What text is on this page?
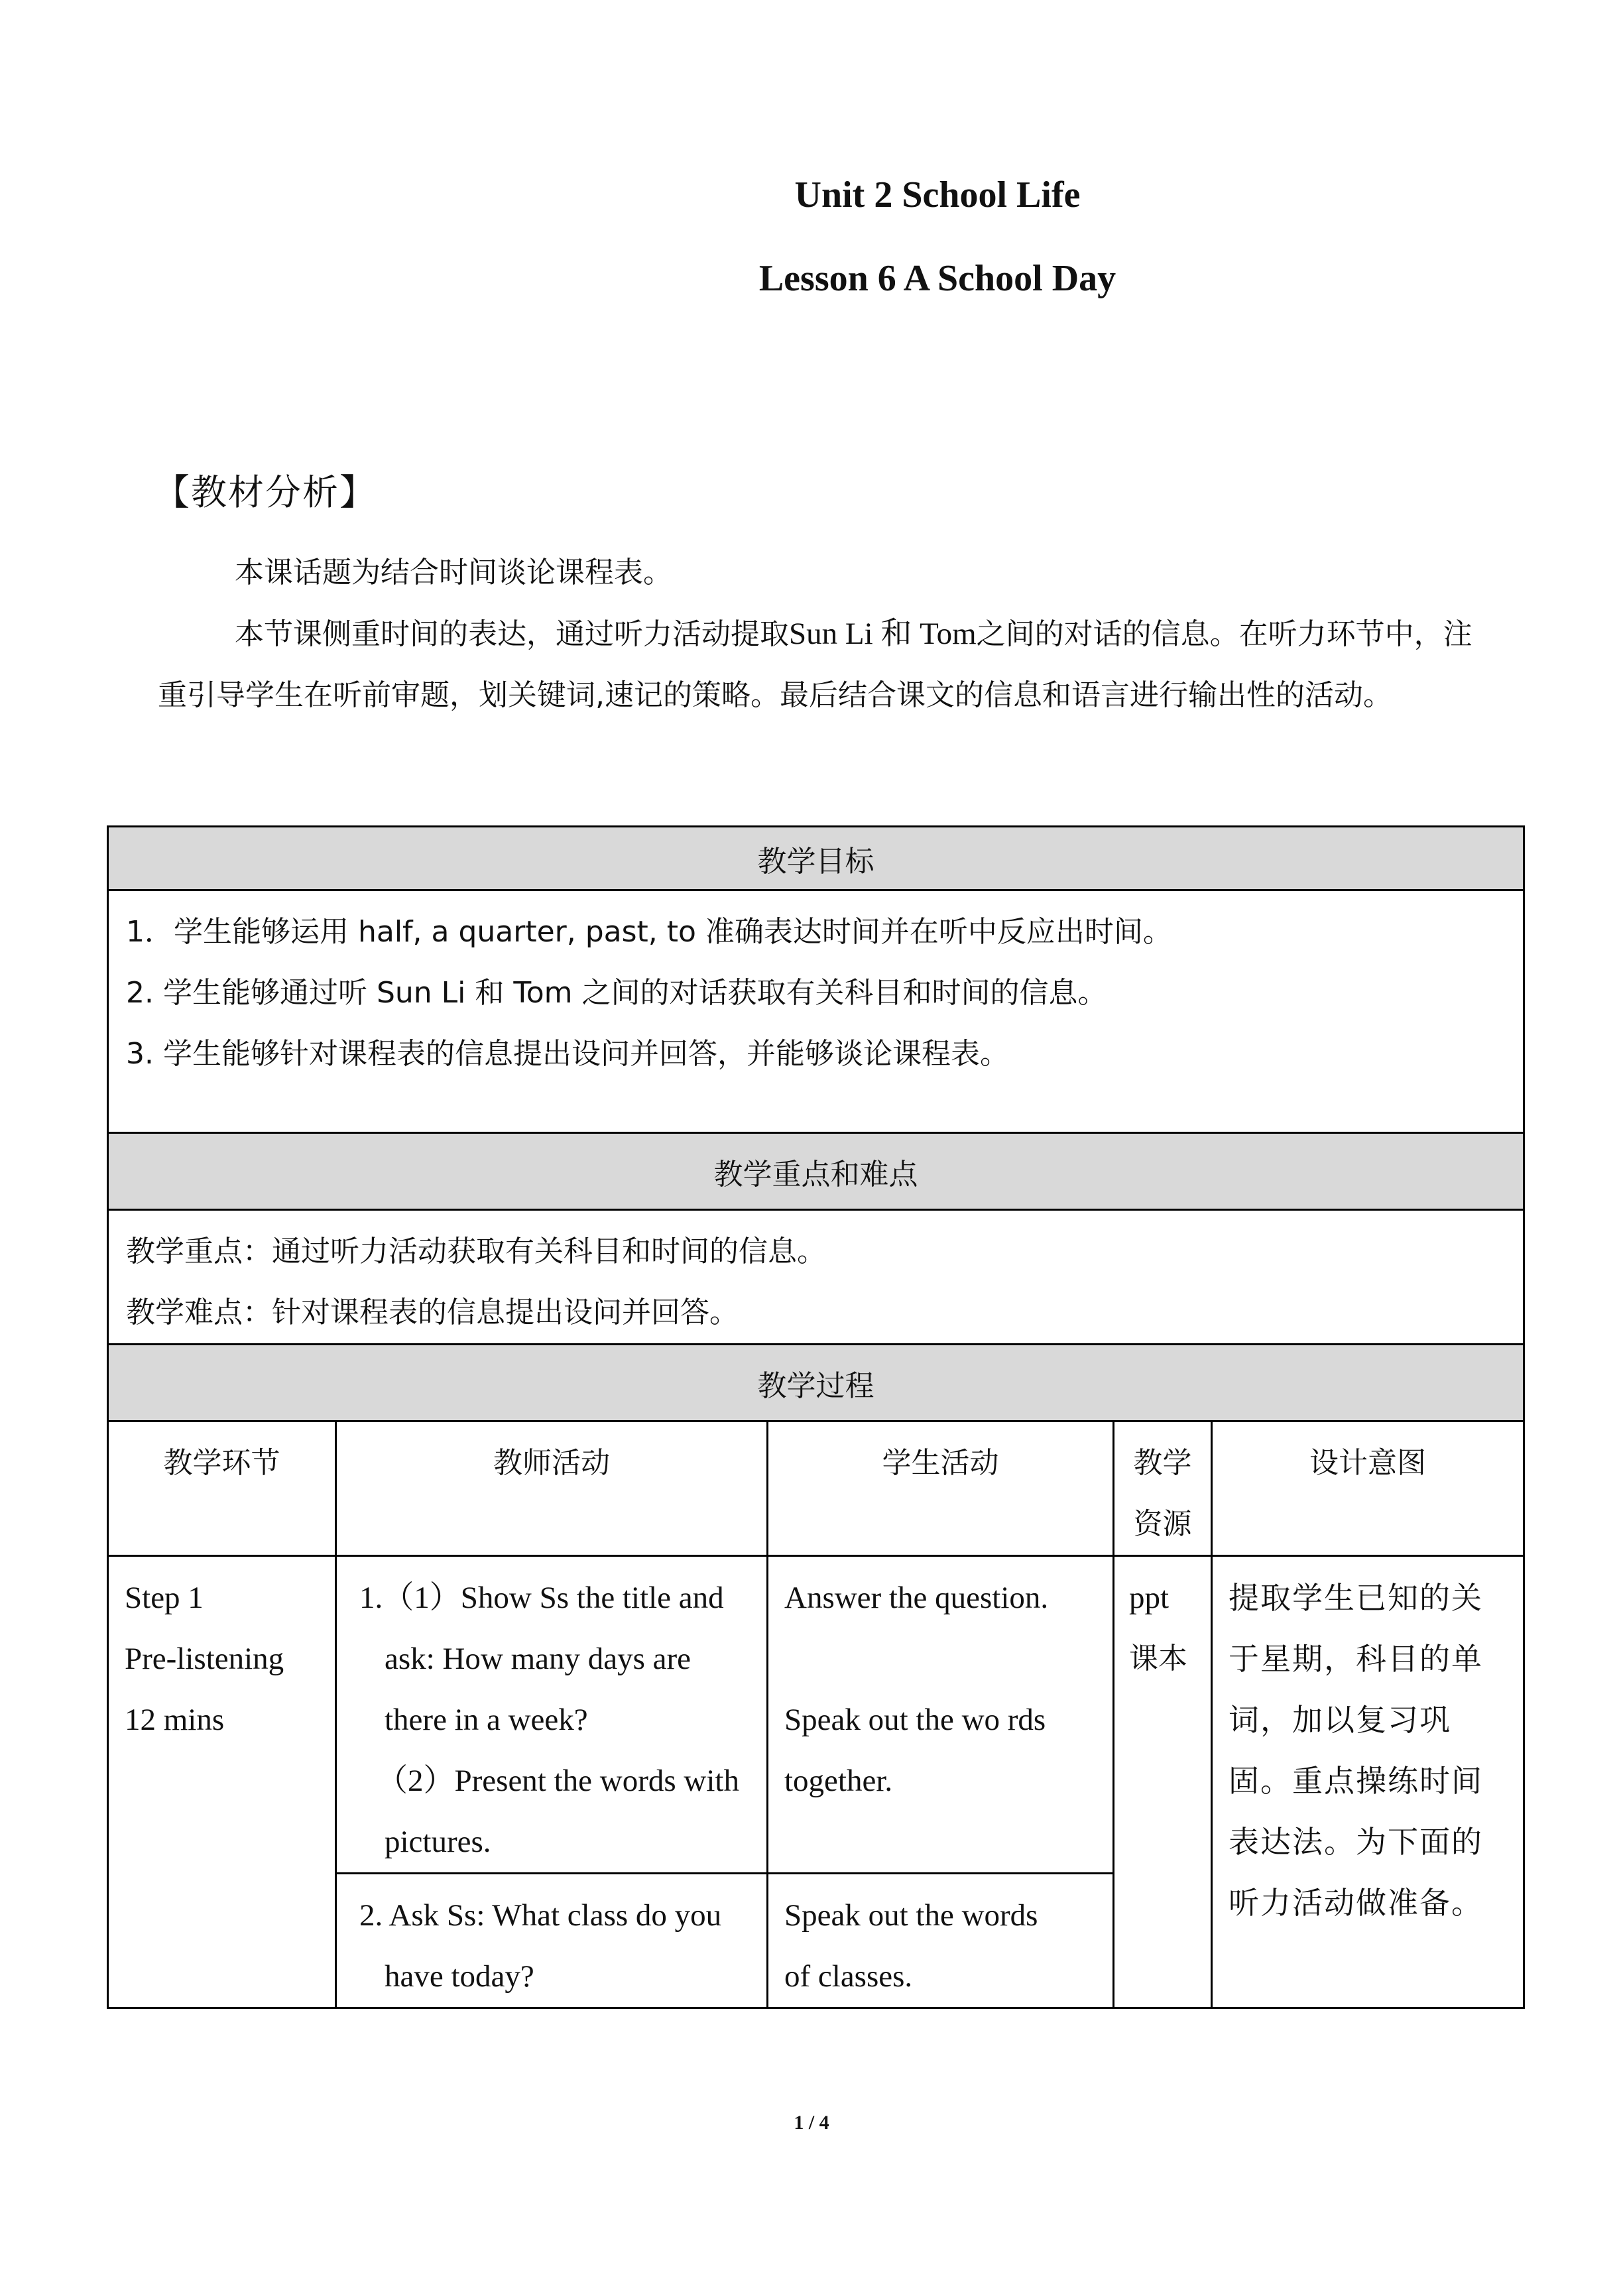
Unit 2 School Life
Lesson 6 A School Day
【教材分析】
本课话题为结合时间谈论课程表。
本节课侧重时间的表达，通过听力活动提取Sun Li 和 Tom之间的对话的信息。在听力环节中，注重引导学生在听前审题，划关键词,速记的策略。最后结合课文的信息和语言进行输出性的活动。
教学目标				

1．学生能够运用 half, a quarter, past, to 准确表达时间并在听中反应出时间。
2. 学生能够通过听 Sun Li 和 Tom 之间的对话获取有关科目和时间的信息。
3. 学生能够针对课程表的信息提出设问并回答，并能够谈论课程表。				

教学重点和难点				

教学重点：通过听力活动获取有关科目和时间的信息。
教学难点：针对课程表的信息提出设问并回答。				

教学过程				
教学环节	教师活动	学生活动	教学资源	设计意图

Step 1
Pre-listening
12 mins	1.（1）Show Ss the title and
ask: How many days are
there in a week?
（2）Present the words with
pictures.	Answer the question.
Speak out the wo rds
together.	ppt
课本	提取学生已知的关于星期，科目的单词，加以复习巩固。重点操练时间表达法。为下面的听力活动做准备。

	2. Ask Ss: What class do you
have today?	Speak out the words
of classes.		
1 / 4
